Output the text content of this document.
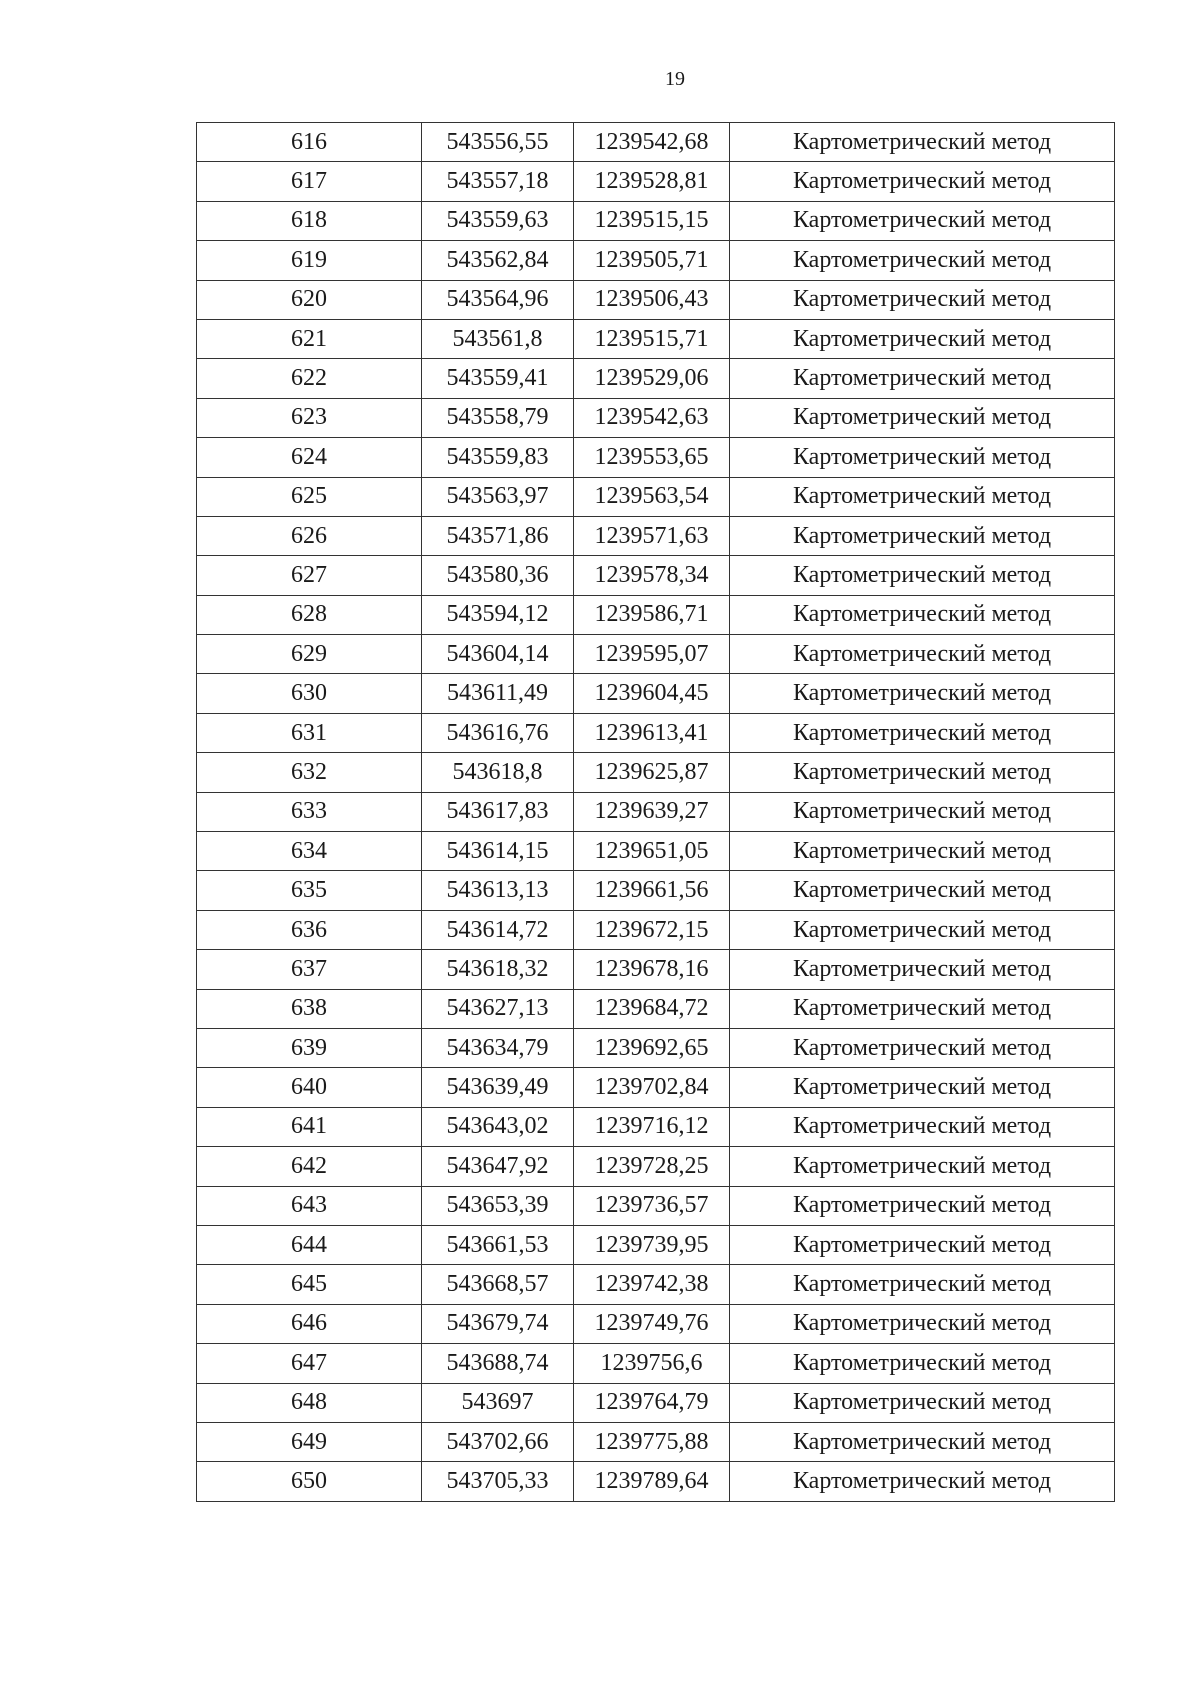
19
616	543556,55	1239542,68	Картометрический метод
617	543557,18	1239528,81	Картометрический метод
618	543559,63	1239515,15	Картометрический метод
619	543562,84	1239505,71	Картометрический метод
620	543564,96	1239506,43	Картометрический метод
621	543561,8	1239515,71	Картометрический метод
622	543559,41	1239529,06	Картометрический метод
623	543558,79	1239542,63	Картометрический метод
624	543559,83	1239553,65	Картометрический метод
625	543563,97	1239563,54	Картометрический метод
626	543571,86	1239571,63	Картометрический метод
627	543580,36	1239578,34	Картометрический метод
628	543594,12	1239586,71	Картометрический метод
629	543604,14	1239595,07	Картометрический метод
630	543611,49	1239604,45	Картометрический метод
631	543616,76	1239613,41	Картометрический метод
632	543618,8	1239625,87	Картометрический метод
633	543617,83	1239639,27	Картометрический метод
634	543614,15	1239651,05	Картометрический метод
635	543613,13	1239661,56	Картометрический метод
636	543614,72	1239672,15	Картометрический метод
637	543618,32	1239678,16	Картометрический метод
638	543627,13	1239684,72	Картометрический метод
639	543634,79	1239692,65	Картометрический метод
640	543639,49	1239702,84	Картометрический метод
641	543643,02	1239716,12	Картометрический метод
642	543647,92	1239728,25	Картометрический метод
643	543653,39	1239736,57	Картометрический метод
644	543661,53	1239739,95	Картометрический метод
645	543668,57	1239742,38	Картометрический метод
646	543679,74	1239749,76	Картометрический метод
647	543688,74	1239756,6	Картометрический метод
648	543697	1239764,79	Картометрический метод
649	543702,66	1239775,88	Картометрический метод
650	543705,33	1239789,64	Картометрический метод
